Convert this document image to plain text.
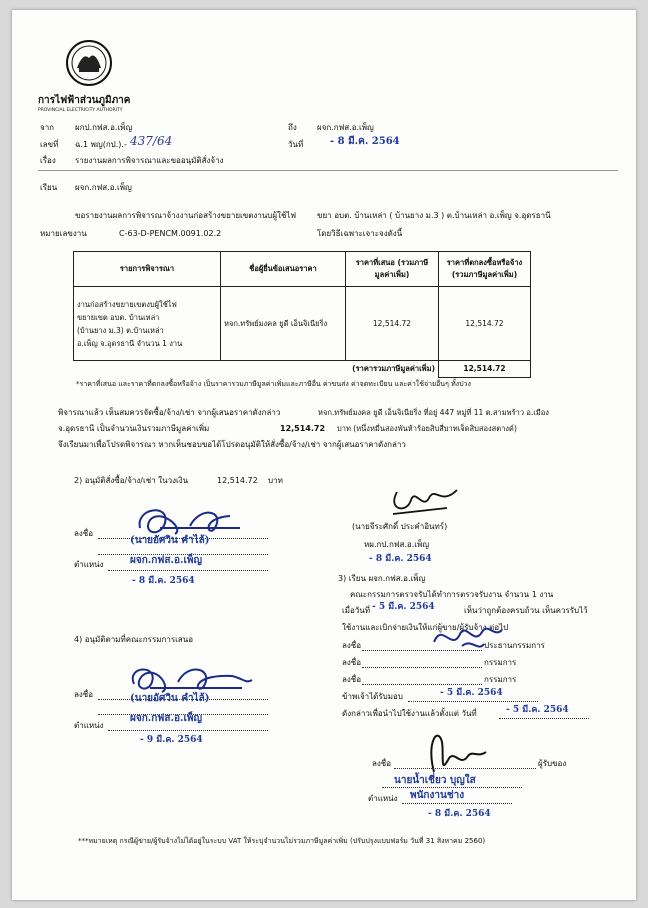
การไฟฟ้าส่วนภูมิภาค
PROVINCIAL ELECTRICITY AUTHORITY
จาก	ผกป.กฟส.อ.เพ็ญ	ถึง	ผจก.กฟส.อ.เพ็ญ
เลขที่ ฉ.1 พญ(กป.).- 437/64	วันที่	- 8 มี.ค. 2564
เรื่อง รายงานผลการพิจารณาและขออนุมัติสั่งจ้าง
เรียน ผจก.กฟส.อ.เพ็ญ
ขอรายงานผลการพิจารณาจ้างงานก่อสร้างขยายเขตงานบผู้ใช้ไฟ	ขยา อบต. บ้านเหล่า ( บ้านยาง ม.3 ) ต.บ้านเหล่า อ.เพ็ญ จ.อุดรธานี
หมายเลขงาน	C-63-D-PENCM.0091.02.2	โดยวิธีเฉพาะเจาะจงดังนี้
รายการพิจารณา	ชื่อผู้ยื่นข้อเสนอราคา	ราคาที่เสนอ (รวมภาษีมูลค่าเพิ่ม)	ราคาที่ตกลงซื้อหรือจ้าง (รวมภาษีมูลค่าเพิ่ม)

งานก่อสร้างขยายเขตงบผู้ใช้ไฟ
ขยายเขต อบต. บ้านเหล่า
(บ้านยาง ม.3) ต.บ้านเหล่า
อ.เพ็ญ จ.อุดรธานี จำนวน 1 งาน	หจก.ทรัพย์มงคล ยูดี เอ็นจิเนียริ่ง	12,514.72	12,514.72
(ราคารวมภาษีมูลค่าเพิ่ม)			12,514.72
*ราคาที่เสนอ และราคาที่ตกลงซื้อหรือจ้าง เป็นราคารวมภาษีมูลค่าเพิ่มและภาษีอื่น ค่าขนส่ง ค่าจดทะเบียน และค่าใช้จ่ายอื่นๆ ทั้งปวง
พิจารณาแล้ว เห็นสมควรจัดซื้อ/จ้าง/เช่า จากผู้เสนอราคาดังกล่าว	หจก.ทรัพย์มงคล ยูดี เอ็นจิเนียริ่ง ที่อยู่ 447 หมู่ที่ 11 ต.สามพร้าว อ.เมือง
จ.อุดรธานี เป็นจำนวนเงินรวมภาษีมูลค่าเพิ่ม	12,514.72 บาท (หนึ่งหมื่นสองพันห้าร้อยสิบสี่บาทเจ็ดสิบสองสตางค์)
จึงเรียนมาเพื่อโปรดพิจารณา หากเห็นชอบขอได้โปรดอนุมัติให้สั่งซื้อ/จ้าง/เช่า จากผู้เสนอราคาดังกล่าว
2) อนุมัติสั่งซื้อ/จ้าง/เช่า ในวงเงิน	12,514.72 บาท
ลงชื่อ
(นายอัศวิน คำไล้)
ตำแหน่ง	ผจก.กฟส.อ.เพ็ญ
- 8 มี.ค. 2564
(นายจีระศักดิ์ ประคำอินทร์)
หผ.กป.กฟส.อ.เพ็ญ
- 8 มี.ค. 2564
3) เรียน ผจก.กฟส.อ.เพ็ญ
คณะกรรมการตรวจรับได้ทำการตรวจรับงาน จำนวน 1 งาน
เมื่อวันที่ - 5 มี.ค. 2564	เห็นว่าถูกต้องครบถ้วน เห็นควรรับไว้
ใช้งานและเบิกจ่ายเงินให้แก่ผู้ขาย/ผู้รับจ้าง ต่อไป
ลงชื่อ	ประธานกรรมการ
ลงชื่อ	กรรมการ
ลงชื่อ	กรรมการ
ข้าพเจ้าได้รับมอบ	- 5 มี.ค. 2564
ดังกล่าวเพื่อนำไปใช้งานแล้วตั้งแต่ วันที่	- 5 มี.ค. 2564
4) อนุมัติตามที่คณะกรรมการเสนอ
ลงชื่อ	(นายอัศวิน คำไล้)
ตำแหน่ง
ผจก.กฟส.อ.เพ็ญ
- 9 มี.ค. 2564
ลงชื่อ	ผู้รับของ
นายน้ำเชี่ยว บุญใส
ตำแหน่ง พนักงานช่าง
- 8 มี.ค. 2564
***หมายเหตุ กรณีผู้ขาย/ผู้รับจ้างไม่ได้อยู่ในระบบ VAT ให้ระบุจำนวนไม่รวมภาษีมูลค่าเพิ่ม (ปรับปรุงแบบฟอร์ม วันที่ 31 สิงหาคม 2560)
